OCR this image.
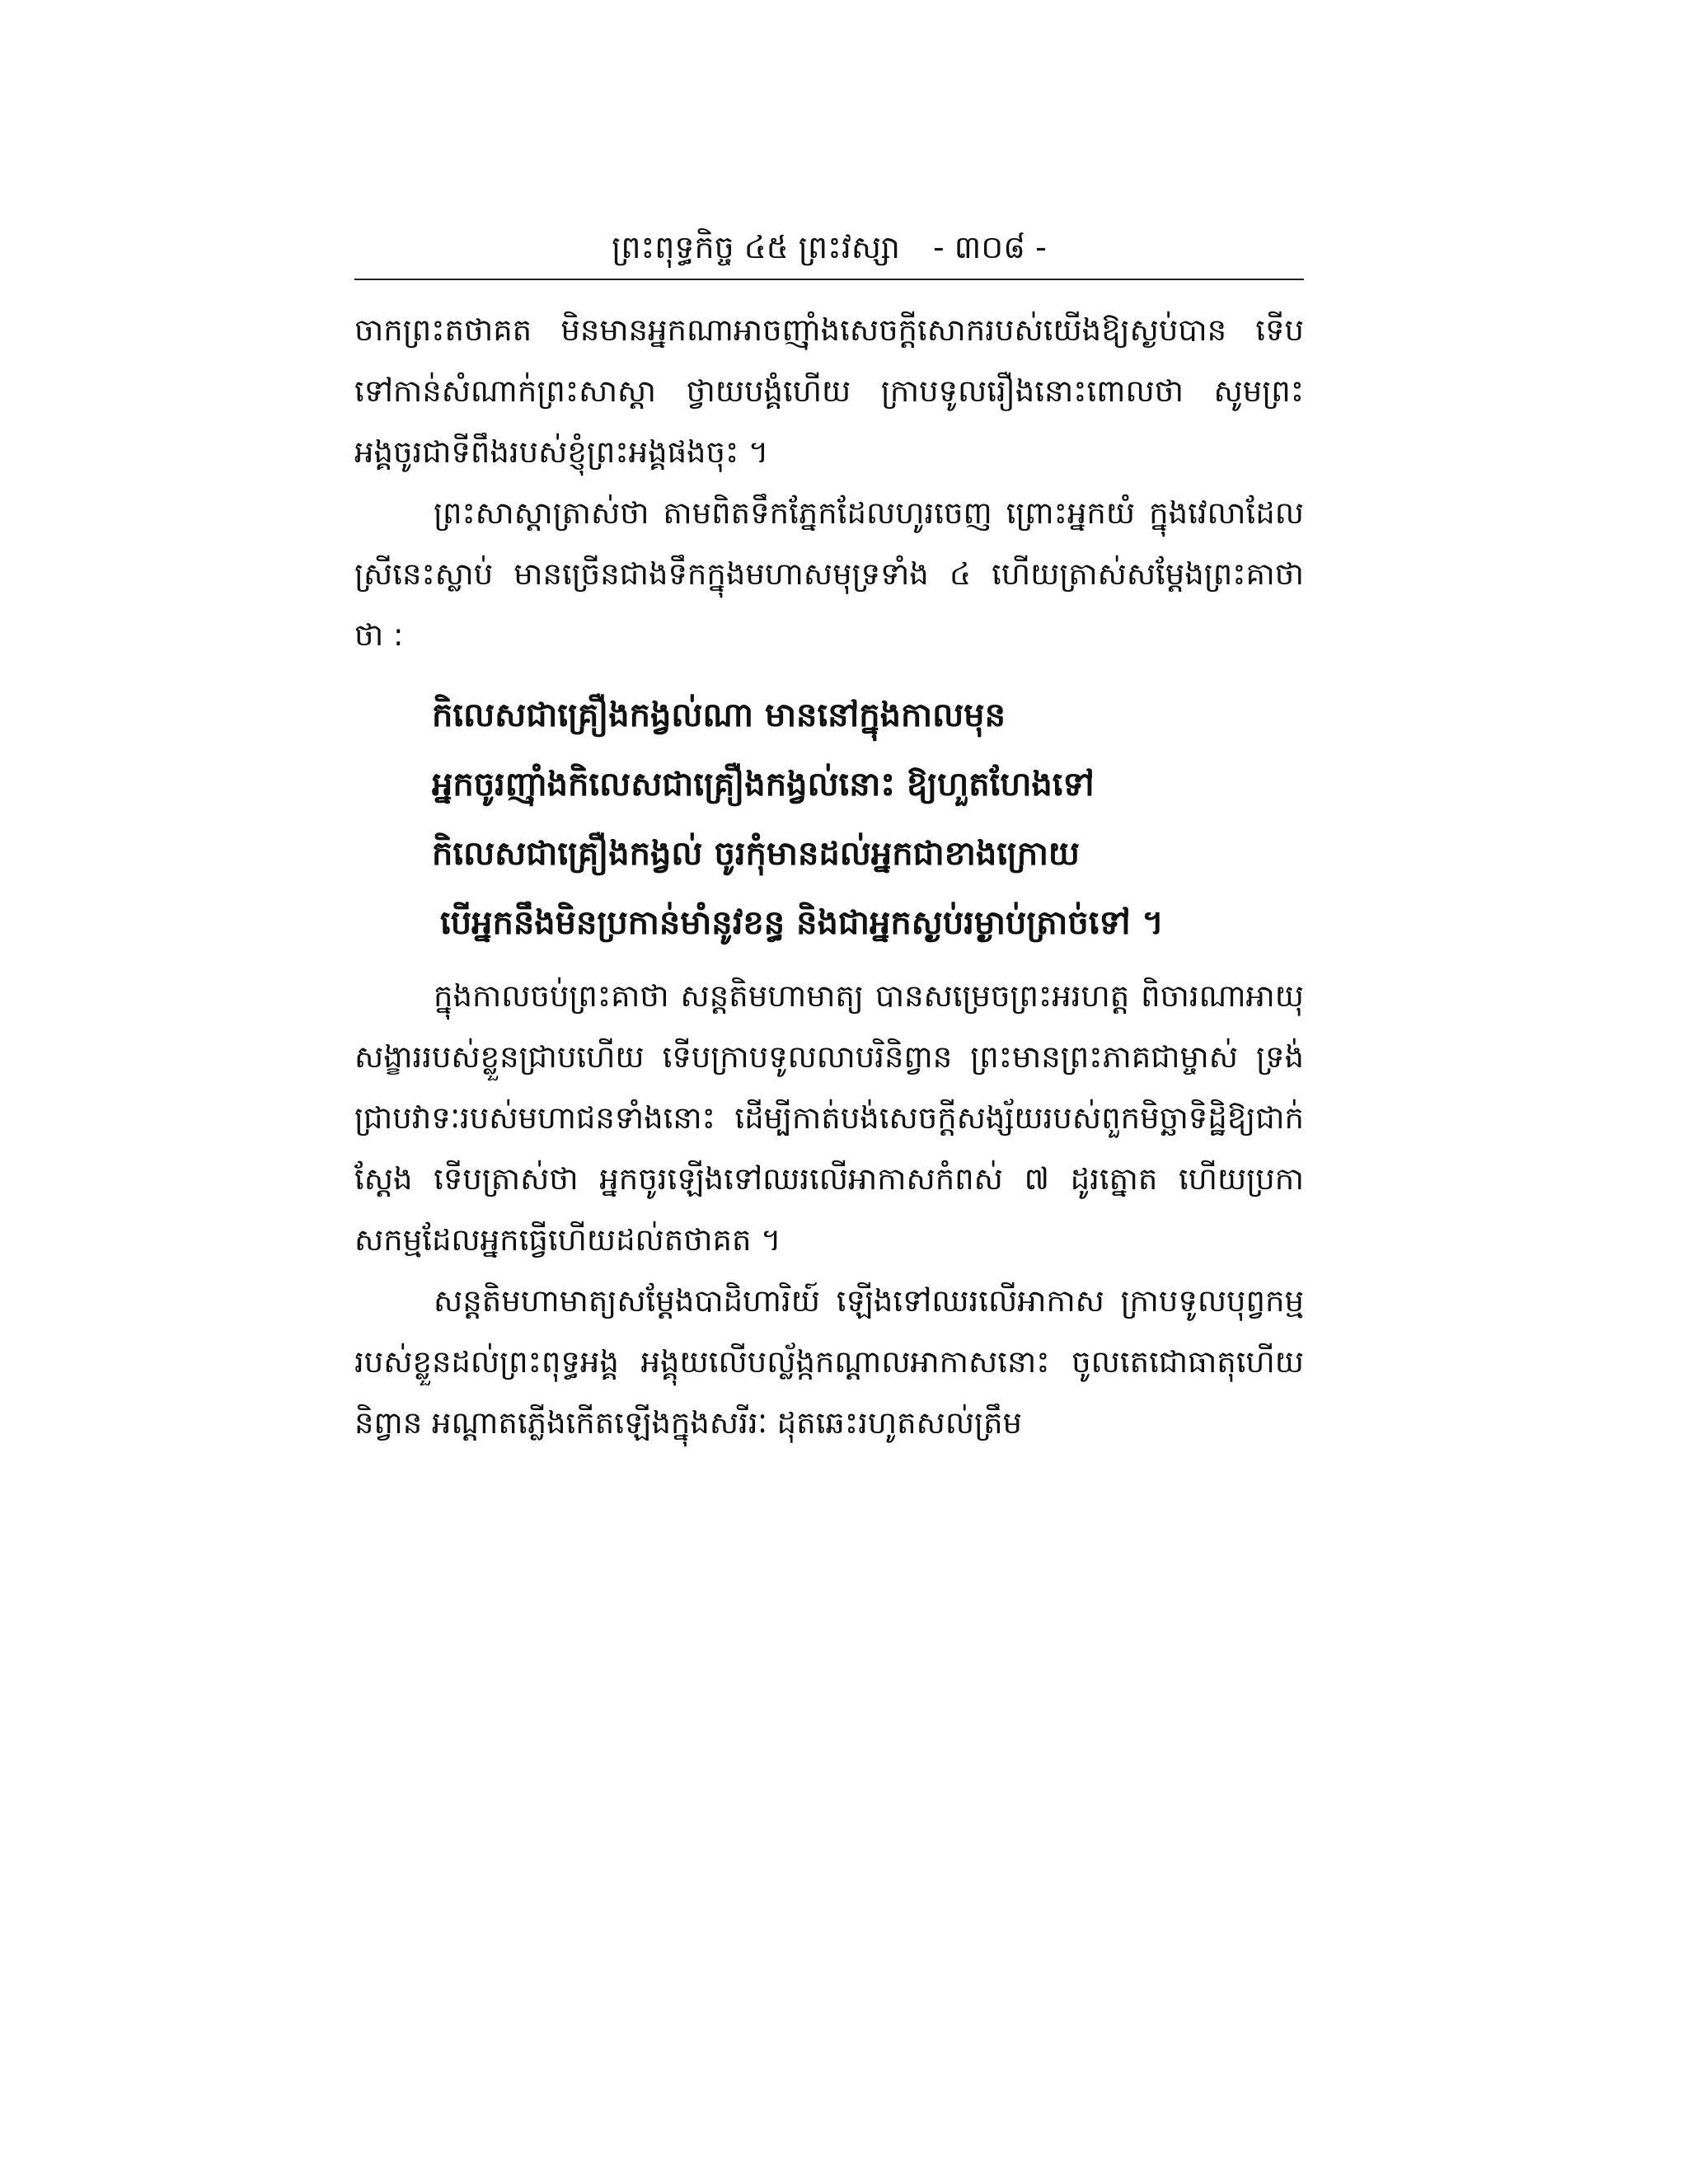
ព្រះពុទ្ធកិច្ច ៤៥ ព្រះវស្សា - ៣០៨ -

ចាកព្រះតថាគត មិនមានអ្នកណាអាចញ៉ាំងសេចក្ដីសោករបស់យើងឱ្យស្ងប់បាន ទើបទៅកាន់សំណាក់ព្រះសាស្ដា ថ្វាយបង្គំហើយ ក្រាបទូលរឿងនោះពោលថា សូមព្រះអង្គចូរជាទីពឹងរបស់ខ្ញុំព្រះអង្គផងចុះ ។

ព្រះសាស្ដាត្រាស់ថា តាមពិតទឹកភ្នែកដែលហូរចេញ ព្រោះអ្នកយំ ក្នុងវេលាដែលស្រីនេះស្លាប់ មានច្រើនជាងទឹកក្នុងមហាសមុទ្រទាំង ៤ ហើយត្រាស់សម្ដែងព្រះគាថា ថា :

កិលេសជាគ្រឿងកង្វល់ណា មាននៅក្នុងកាលមុន
អ្នកចូរញ៉ាំងកិលេសជាគ្រឿងកង្វល់នោះ ឱ្យហួតហែងទៅ
កិលេសជាគ្រឿងកង្វល់ ចូរកុំមានដល់អ្នកជាខាងក្រោយ
បើអ្នកនឹងមិនប្រកាន់មាំនូវខន្ធ និងជាអ្នកស្ងប់រម្ងាប់ត្រាច់ទៅ ។

ក្នុងកាលចប់ព្រះគាថា សន្ដតិមហាមាត្យ បានសម្រេចព្រះអរហត្ត ពិចារណាអាយុសង្ខាររបស់ខ្លួនជ្រាបហើយ ទើបក្រាបទូលលាបរិនិព្វាន ព្រះមានព្រះភាគជាម្ចាស់ ទ្រង់ជ្រាបវាទៈរបស់មហាជនទាំងនោះ ដើម្បីកាត់បង់សេចក្ដីសង្ស័យរបស់ពួកមិច្ឆាទិដ្ឋិឱ្យជាក់ស្ដែង ទើបត្រាស់ថា អ្នកចូរឡើងទៅឈរលើអាកាសកំពស់ ៧ ដូរត្នោត ហើយប្រកាសកម្មដែលអ្នកធ្វើហើយដល់តថាគត ។

សន្ដតិមហាមាត្យសម្ដែងបាដិហារិយ៍ ឡើងទៅឈរលើអាកាស ក្រាបទូលបុព្វកម្មរបស់ខ្លួនដល់ព្រះពុទ្ធអង្គ អង្គុយលើបល្ល័ង្កកណ្ដាលអាកាសនោះ ចូលតេជោធាតុហើយនិព្វាន អណ្ដាតភ្លើងកើតឡើងក្នុងសរីរៈ ដុតឆេះរហូតសល់ត្រឹម
